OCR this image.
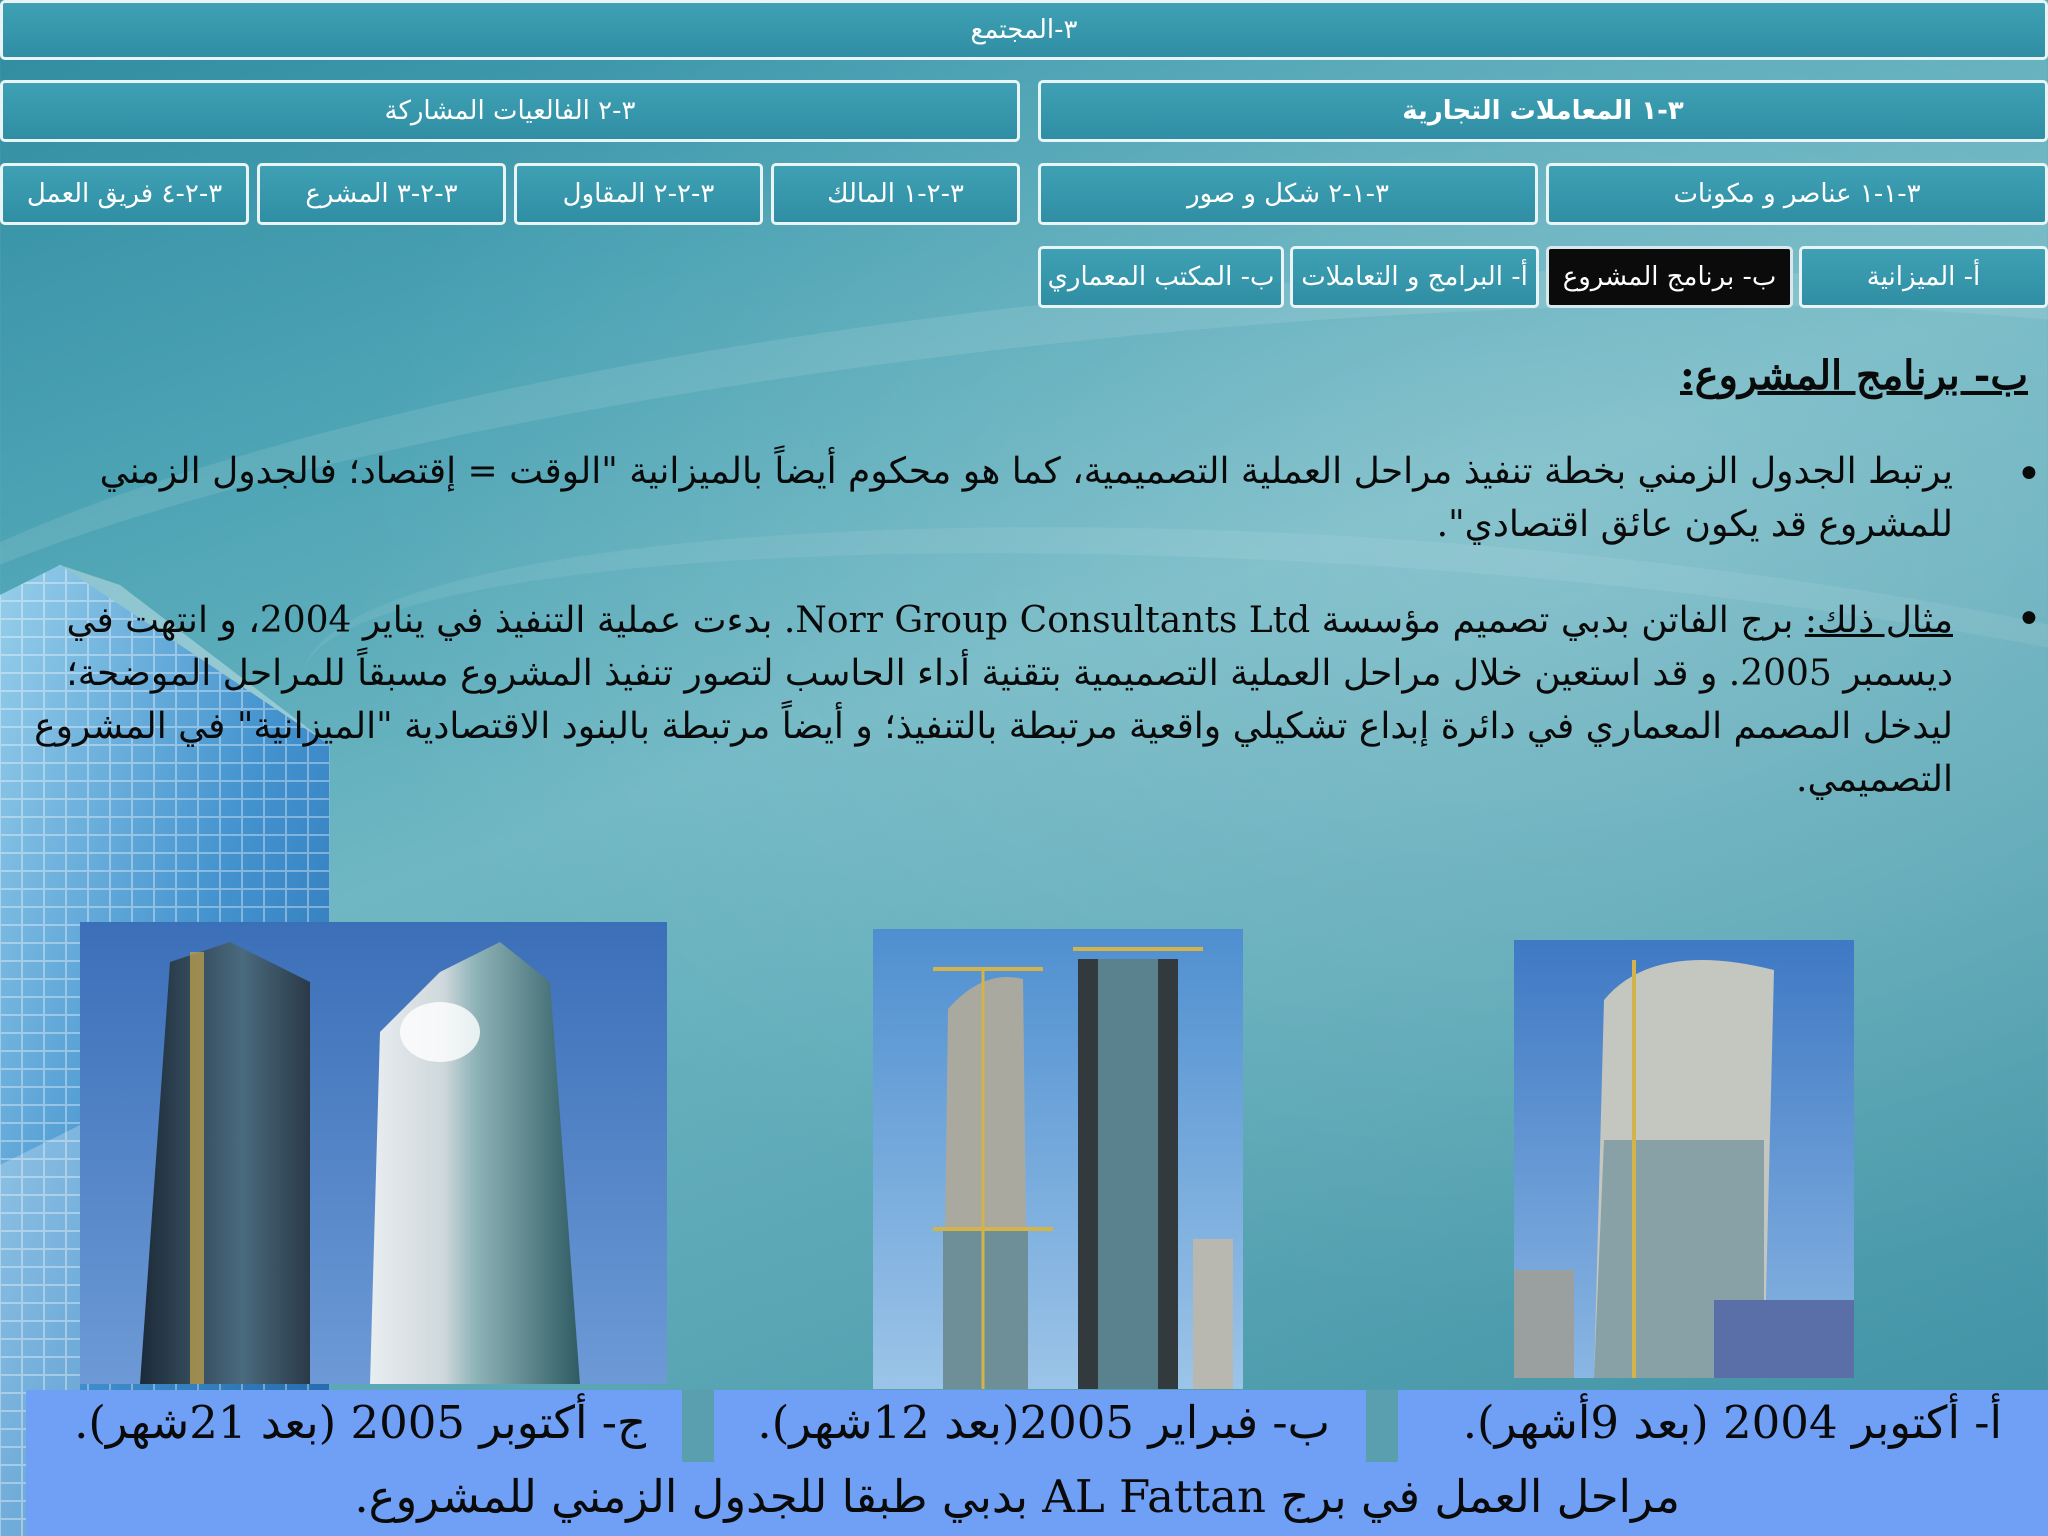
٣-المجتمع
٣-١ المعاملات التجارية
٣-٢ الفالعيات المشاركة
٣-١-١ عناصر و مكونات
٣-١-٢ شكل و صور
٣-٢-١ المالك
٣-٢-٢ المقاول
٣-٢-٣ المشرع
٣-٢-٤ فريق العمل
أ- الميزانية
ب- برنامج المشروع
أ- البرامج و التعاملات
ب- المكتب المعماري
ب- برنامج المشروع:
●
يرتبط الجدول الزمني بخطة تنفيذ مراحل العملية التصميمية، كما هو محكوم أيضاً بالميزانية "الوقت = إقتصاد؛ فالجدول الزمني للمشروع قد يكون عائق اقتصادي".
●
مثال ذلك: برج الفاتن بدبي تصميم مؤسسة Norr Group Consultants Ltd. بدءت عملية التنفيذ في يناير 2004، و انتهت في ديسمبر 2005. و قد استعين خلال مراحل العملية التصميمية بتقنية أداء الحاسب لتصور تنفيذ المشروع مسبقاً للمراحل الموضحة؛ ليدخل المصمم المعماري في دائرة إبداع تشكيلي واقعية مرتبطة بالتنفيذ؛ و أيضاً مرتبطة بالبنود الاقتصادية "الميزانية" في المشروع التصميمي.
أ- أكتوبر 2004 (بعد 9أشهر).
ب- فبراير 2005(بعد 12شهر).
ج- أكتوبر 2005 (بعد 21شهر).
مراحل العمل في برج AL Fattan بدبي طبقا للجدول الزمني للمشروع.
